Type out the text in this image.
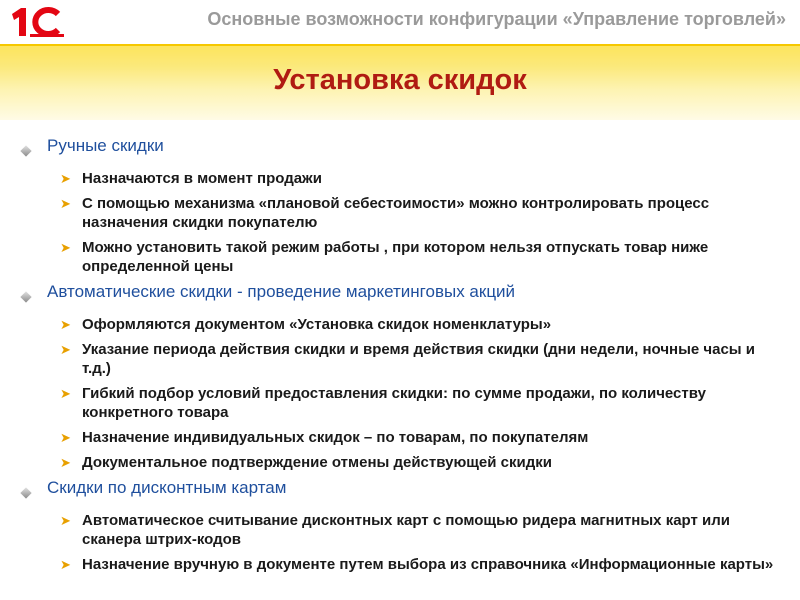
Основные возможности конфигурации «Управление торговлей»
Установка скидок
Ручные скидки
➤ Назначаются в момент продажи
➤ С помощью механизма «плановой себестоимости» можно контролировать процесс назначения скидки покупателю
➤ Можно установить такой режим работы , при котором нельзя отпускать товар ниже определенной цены
Автоматические скидки - проведение маркетинговых акций
➤ Оформляются документом «Установка скидок номенклатуры»
➤ Указание периода действия скидки и время действия скидки (дни недели, ночные часы и т.д.)
➤ Гибкий подбор условий предоставления скидки: по сумме продажи, по количеству конкретного товара
➤ Назначение индивидуальных скидок – по товарам, по покупателям
➤ Документальное подтверждение отмены действующей скидки
Скидки по дисконтным картам
➤ Автоматическое считывание дисконтных карт с помощью ридера магнитных карт или сканера штрих-кодов
➤ Назначение вручную в документе путем выбора из справочника «Информационные карты»
